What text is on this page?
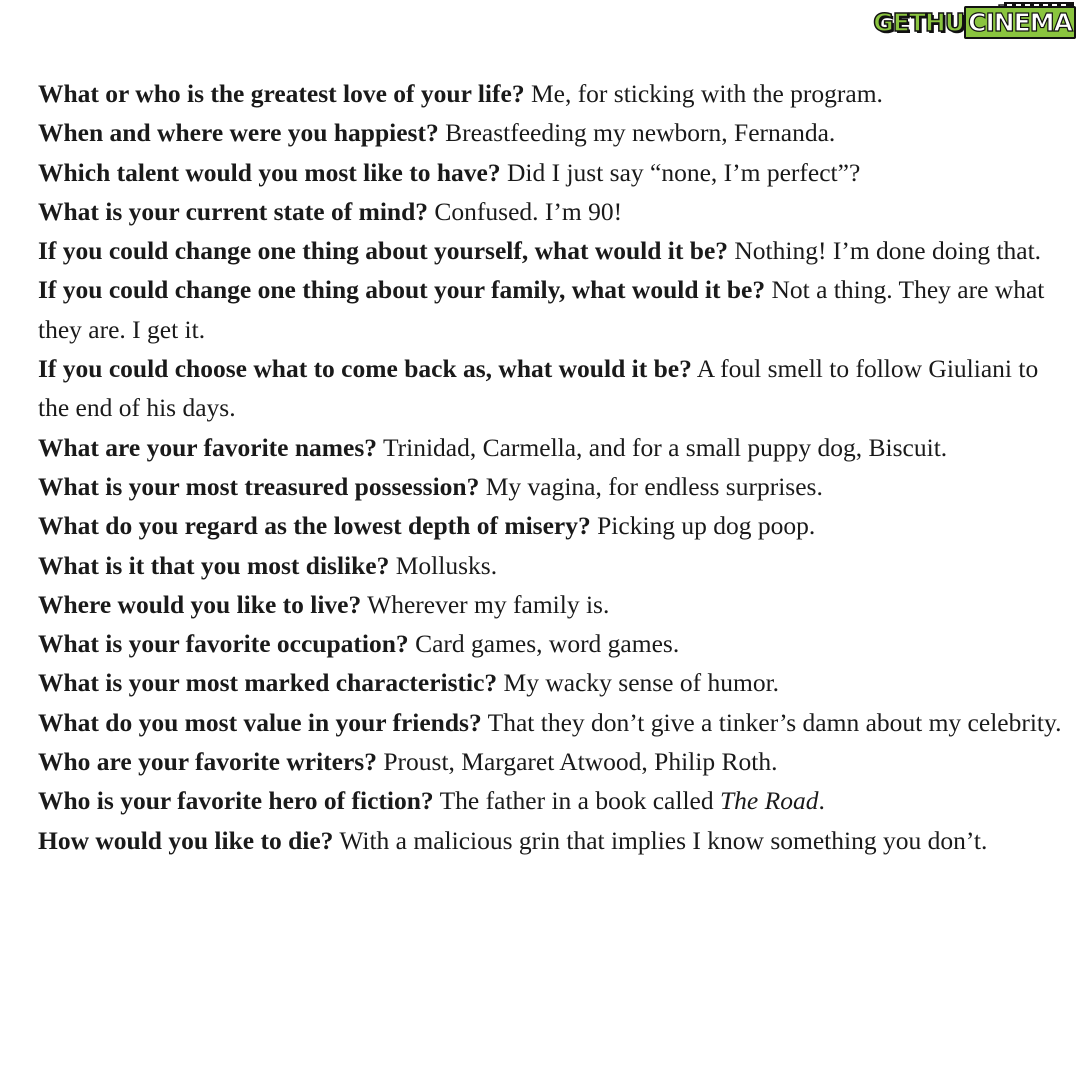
GETHU CINEMA

What or who is the greatest love of your life? Me, for sticking with the program.

When and where were you happiest? Breastfeeding my newborn, Fernanda.

Which talent would you most like to have? Did I just say “none, I’m perfect”?

What is your current state of mind? Confused. I’m 90!

If you could change one thing about yourself, what would it be? Nothing! I’m done doing that.

If you could change one thing about your family, what would it be? Not a thing. They are what they are. I get it.

If you could choose what to come back as, what would it be? A foul smell to follow Giuliani to the end of his days.

What are your favorite names? Trinidad, Carmella, and for a small puppy dog, Biscuit.

What is your most treasured possession? My vagina, for endless surprises.

What do you regard as the lowest depth of misery? Picking up dog poop.

What is it that you most dislike? Mollusks.

Where would you like to live? Wherever my family is.

What is your favorite occupation? Card games, word games.

What is your most marked characteristic? My wacky sense of humor.

What do you most value in your friends? That they don’t give a tinker’s damn about my celebrity.

Who are your favorite writers? Proust, Margaret Atwood, Philip Roth.

Who is your favorite hero of fiction? The father in a book called The Road.

How would you like to die? With a malicious grin that implies I know something you don’t.
